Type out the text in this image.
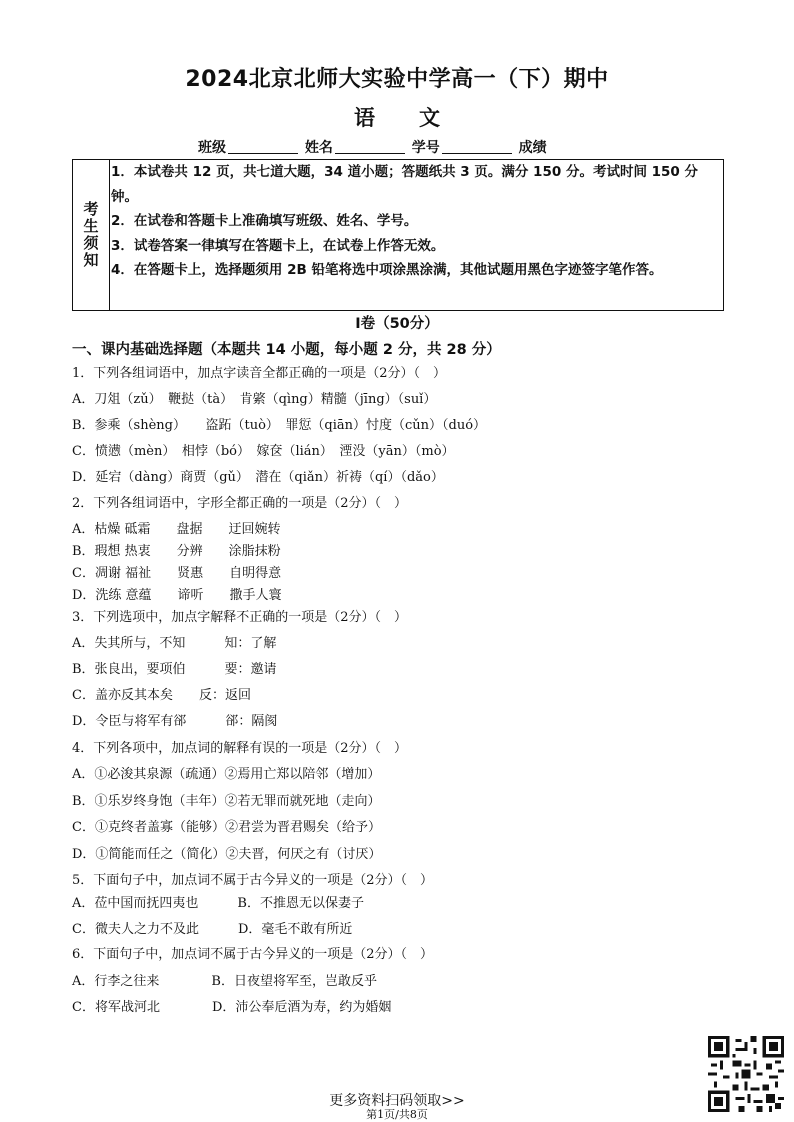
2024北京北师大实验中学高一（下）期中
语文
班级	姓名	学号	成绩
考生须知
1．本试卷共 12 页，共七道大题，34 道小题；答题纸共 3 页。满分 150 分。考试时间 150 分钟。
2．在试卷和答题卡上准确填写班级、姓名、学号。
3．试卷答案一律填写在答题卡上，在试卷上作答无效。
4．在答题卡上，选择题须用 2B 铅笔将选中项涂黑涂满，其他试题用黑色字迹签字笔作答。
Ⅰ卷（50分）
一、课内基础选择题（本题共 14 小题，每小题 2 分，共 28 分）
1．下列各组词语中，加点字读音全都正确的一项是（2分）（　）
A．刀俎（zǔ）　鞭挞（tà）　肯綮（qìng）精髓（jīng）（suǐ）
B．参乘（shèng）　　盗跖（tuò）　罪愆（qiān）忖度（cǔn）（duó）
C．愤懑（mèn）　相悖（bó）　嫁奁（lián）　湮没（yān）（mò）
D．延宕（dàng）商贾（gǔ）　潜在（qiǎn）祈祷（qí）（dǎo）
2．下列各组词语中，字形全都正确的一项是（2分）（　）
A．枯燥 砥霜　　盘据　　迂回婉转
B．瑕想 热衷　　分辨　　涂脂抹粉
C．凋谢 福祉　　贤惠　　自明得意
D．洗练 意蕴　　谛听　　撒手人寰
3．下列选项中，加点字解释不正确的一项是（2分）（　）
A．失其所与，不知　　　知：了解
B．张良出，要项伯　　　要：邀请
C．盖亦反其本矣　　反：返回
D．令臣与将军有郤　　　郤：隔阂
4．下列各项中，加点词的解释有误的一项是（2分）（　）
A．①必浚其泉源（疏通）②焉用亡郑以陪邻（增加）
B．①乐岁终身饱（丰年）②若无罪而就死地（走向）
C．①克终者盖寡（能够）②君尝为晋君赐矣（给予）
D．①简能而任之（简化）②夫晋，何厌之有（讨厌）
5．下面句子中，加点词不属于古今异义的一项是（2分）（　）
A．莅中国而抚四夷也　　　B．不推恩无以保妻子
C．微夫人之力不及此　　　D．毫毛不敢有所近
6．下面句子中，加点词不属于古今异义的一项是（2分）（　）
A．行李之往来　　　　B．日夜望将军至，岂敢反乎
C．将军战河北　　　　D．沛公奉卮酒为寿，约为婚姻
更多资料扫码领取>>
第1页/共8页
